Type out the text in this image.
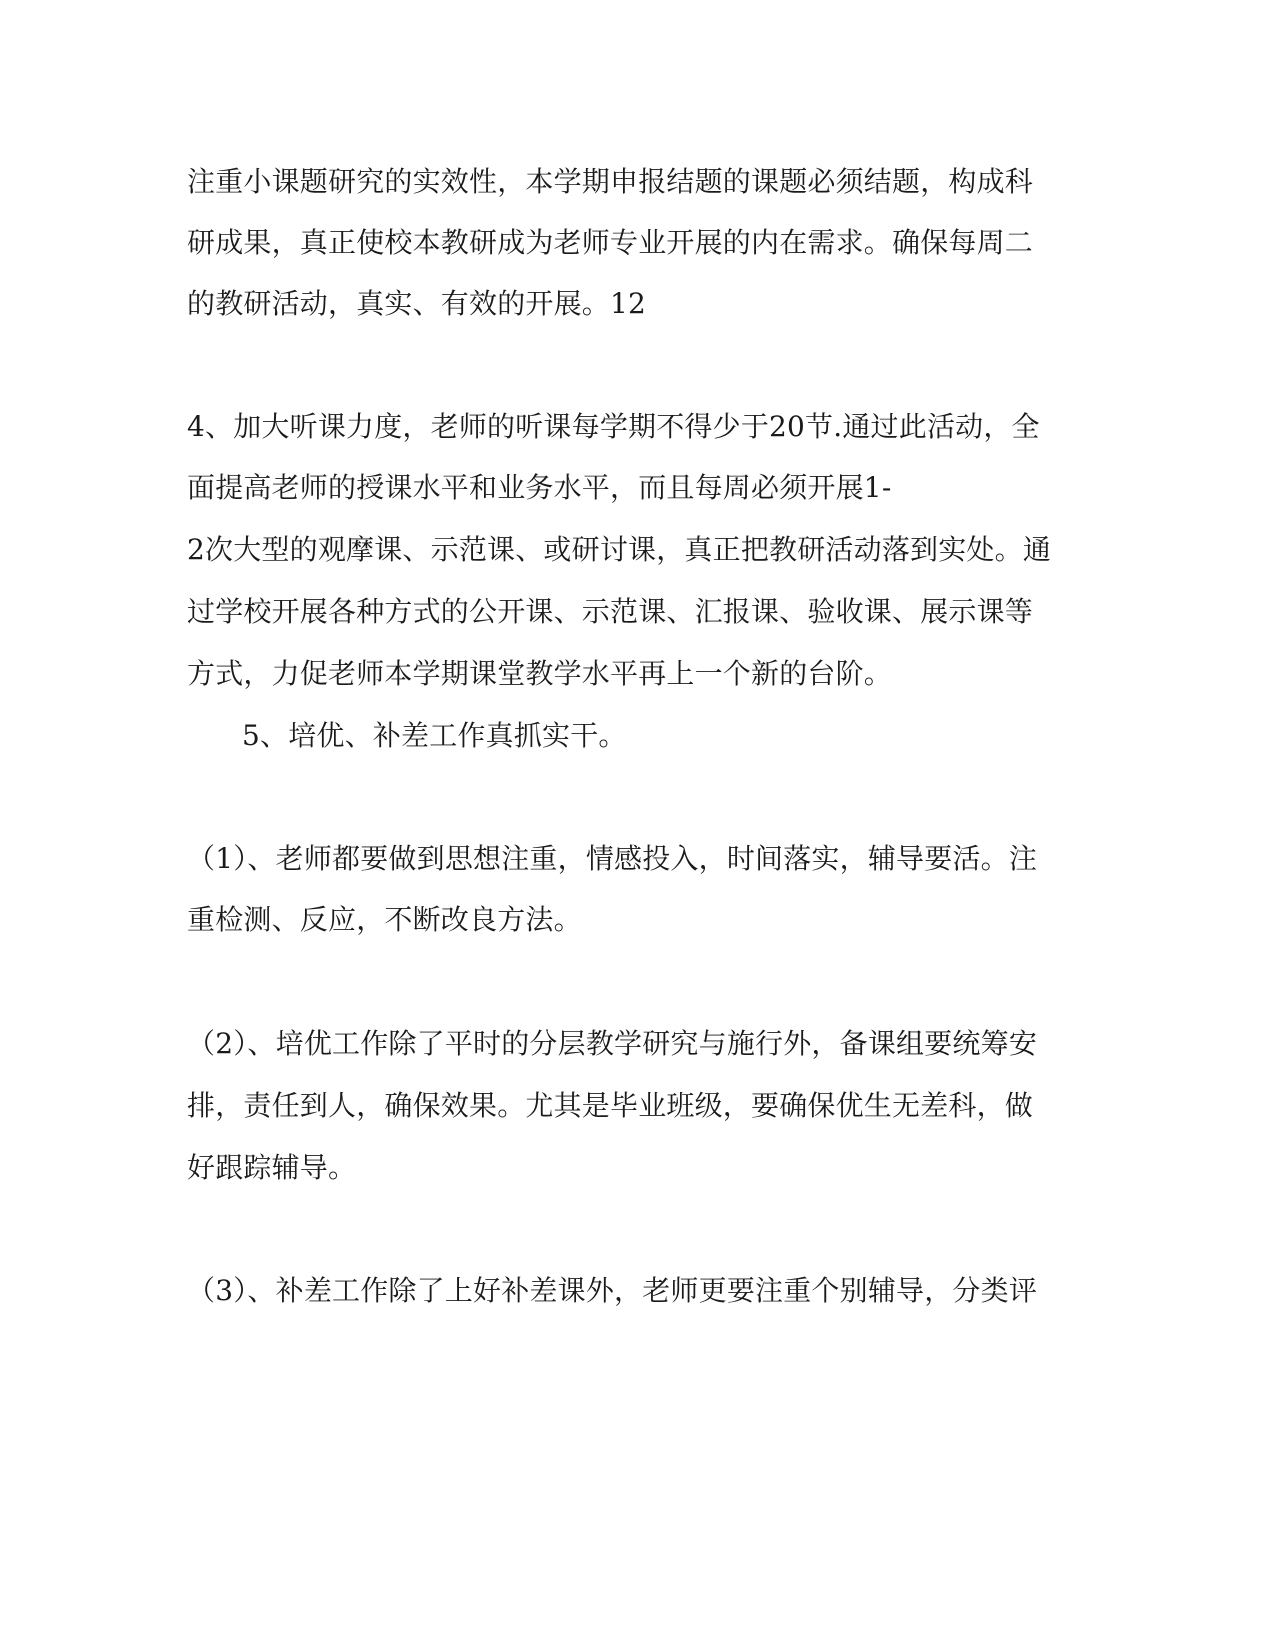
注重小课题研究的实效性，本学期申报结题的课题必须结题，构成科

研成果，真正使校本教研成为老师专业开展的内在需求。确保每周二

的教研活动，真实、有效的开展。12

4、加大听课力度，老师的听课每学期不得少于20节.通过此活动，全

面提高老师的授课水平和业务水平，而且每周必须开展1-

2次大型的观摩课、示范课、或研讨课，真正把教研活动落到实处。通

过学校开展各种方式的公开课、示范课、汇报课、验收课、展示课等

方式，力促老师本学期课堂教学水平再上一个新的台阶。

5、培优、补差工作真抓实干。

（1）、老师都要做到思想注重，情感投入，时间落实，辅导要活。注

重检测、反应，不断改良方法。

（2）、培优工作除了平时的分层教学研究与施行外，备课组要统筹安

排，责任到人，确保效果。尤其是毕业班级，要确保优生无差科，做

好跟踪辅导。

（3）、补差工作除了上好补差课外，老师更要注重个别辅导，分类评
